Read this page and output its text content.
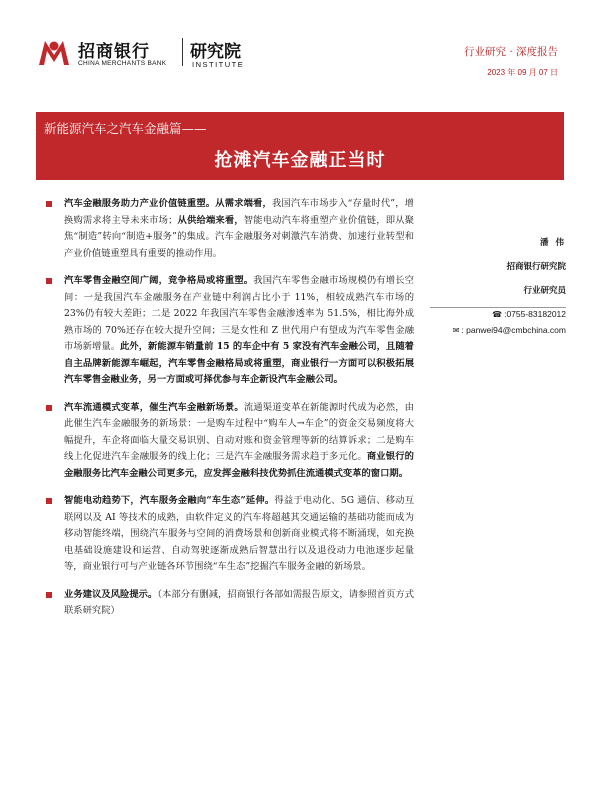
招商银行
CHINA MERCHANTS BANK
研究院
INSTITUTE
行业研究 · 深度报告
2023 年 09 月 07 日
新能源汽车之汽车金融篇——
抢滩汽车金融正当时
汽车金融服务助力产业价值链重塑。从需求端看，我国汽车市场步入“存量时代”，增换购需求将主导未来市场；从供给端来看，智能电动汽车将重塑产业价值链，即从聚焦“制造”转向“制造+服务”的集成。汽车金融服务对刺激汽车消费、加速行业转型和产业价值链重塑具有重要的推动作用。
汽车零售金融空间广阔，竞争格局或将重塑。我国汽车零售金融市场规模仍有增长空间：一是我国汽车金融服务在产业链中利润占比小于 11%，相较成熟汽车市场的 23%仍有较大差距；二是 2022 年我国汽车零售金融渗透率为 51.5%，相比海外成熟市场的 70%还存在较大提升空间；三是女性和 Z 世代用户有望成为汽车零售金融市场新增量。此外，新能源车销量前 15 的车企中有 5 家没有汽车金融公司，且随着自主品牌新能源车崛起，汽车零售金融格局或将重塑，商业银行一方面可以积极拓展汽车零售金融业务，另一方面或可择优参与车企新设汽车金融公司。
汽车流通模式变革，催生汽车金融新场景。流通渠道变革在新能源时代成为必然，由此催生汽车金融服务的新场景：一是购车过程中“购车人→车企”的资金交易频度将大幅提升，车企将面临大量交易识别、自动对账和资金管理等新的结算诉求；二是购车线上化促进汽车金融服务的线上化；三是汽车金融服务需求趋于多元化。商业银行的金融服务比汽车金融公司更多元，应发挥金融科技优势抓住流通模式变革的窗口期。
智能电动趋势下，汽车服务金融向“车生态”延伸。得益于电动化、5G 通信、移动互联网以及 AI 等技术的成熟，由软件定义的汽车将超越其交通运输的基础功能而成为移动智能终端，围绕汽车服务与空间的消费场景和创新商业模式将不断涌现，如充换电基础设施建设和运营、自动驾驶逐渐成熟后智慧出行以及退役动力电池逐步起量等，商业银行可与产业链各环节围绕“车生态”挖掘汽车服务金融的新场景。
业务建议及风险提示。（本部分有删减，招商银行各部如需报告原文，请参照首页方式联系研究院）
潘 伟
招商银行研究院
行业研究员
☎ :0755-83182012
✉ : panwei94@cmbchina.com
